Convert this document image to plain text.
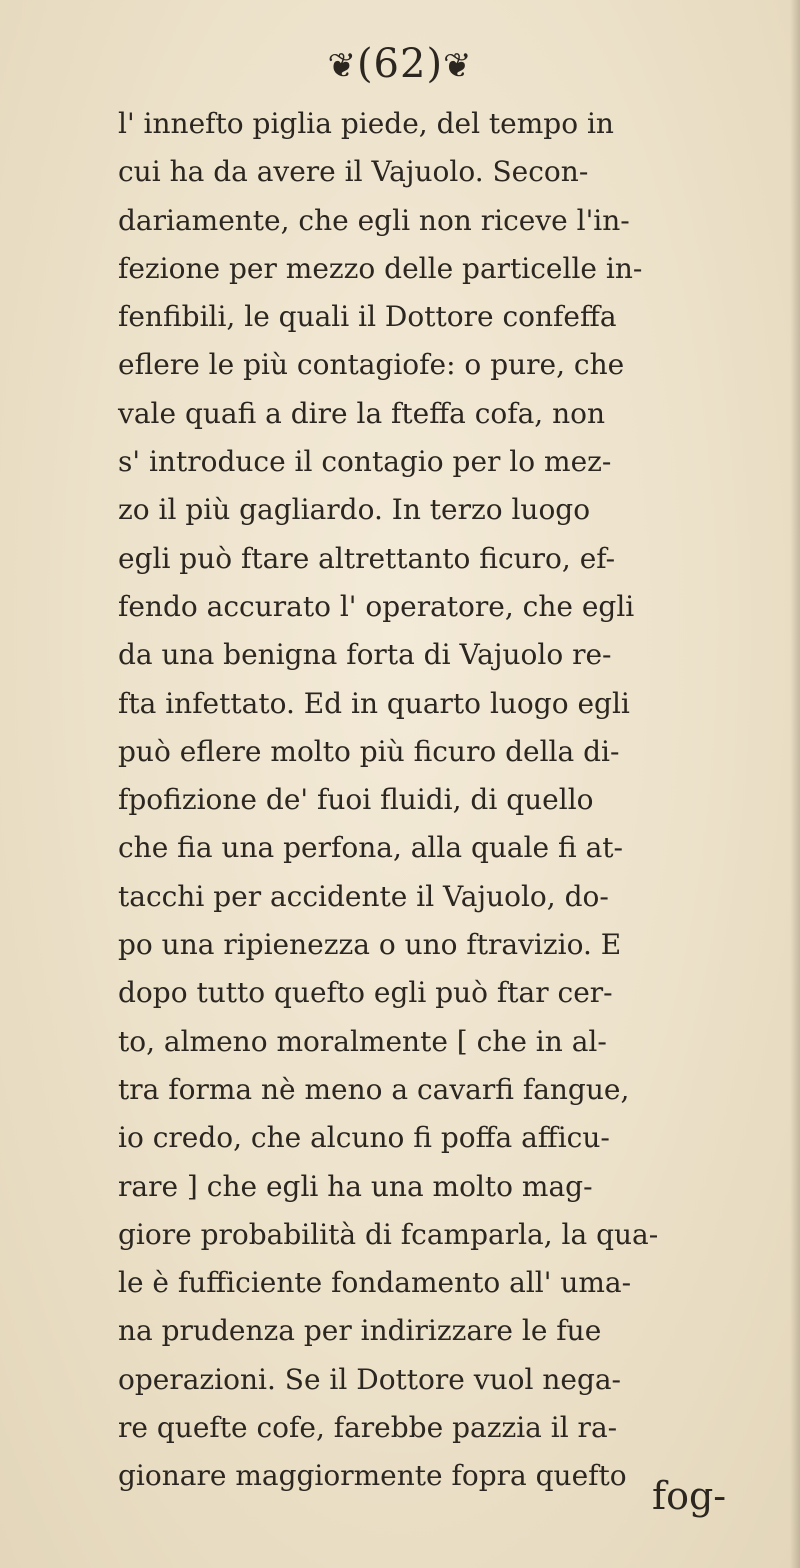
❦(62)❦
l' innefto piglia piede, del tempo in
cui ha da avere il Vajuolo. Secon-
dariamente, che egli non riceve l'in-
fezione per mezzo delle particelle in-
fenfibili, le quali il Dottore confeffa
eflere le più contagiofe: o pure, che
vale quafi a dire la fteffa cofa, non
s' introduce il contagio per lo mez-
zo il più gagliardo. In terzo luogo
egli può ftare altrettanto ficuro, ef-
fendo accurato l' operatore, che egli
da una benigna forta di Vajuolo re-
fta infettato. Ed in quarto luogo egli
può eflere molto più ficuro della di-
fpofizione de' fuoi fluidi, di quello
che fia una perfona, alla quale fi at-
tacchi per accidente il Vajuolo, do-
po una ripienezza o uno ftravizio. E
dopo tutto quefto egli può ftar cer-
to, almeno moralmente [ che in al-
tra forma nè meno a cavarfi fangue,
io credo, che alcuno fi poffa afficu-
rare ] che egli ha una molto mag-
giore probabilità di fcamparla, la qua-
le è fufficiente fondamento all' uma-
na prudenza per indirizzare le fue
operazioni. Se il Dottore vuol nega-
re quefte cofe, farebbe pazzia il ra-
gionare maggiormente fopra quefto fog-
